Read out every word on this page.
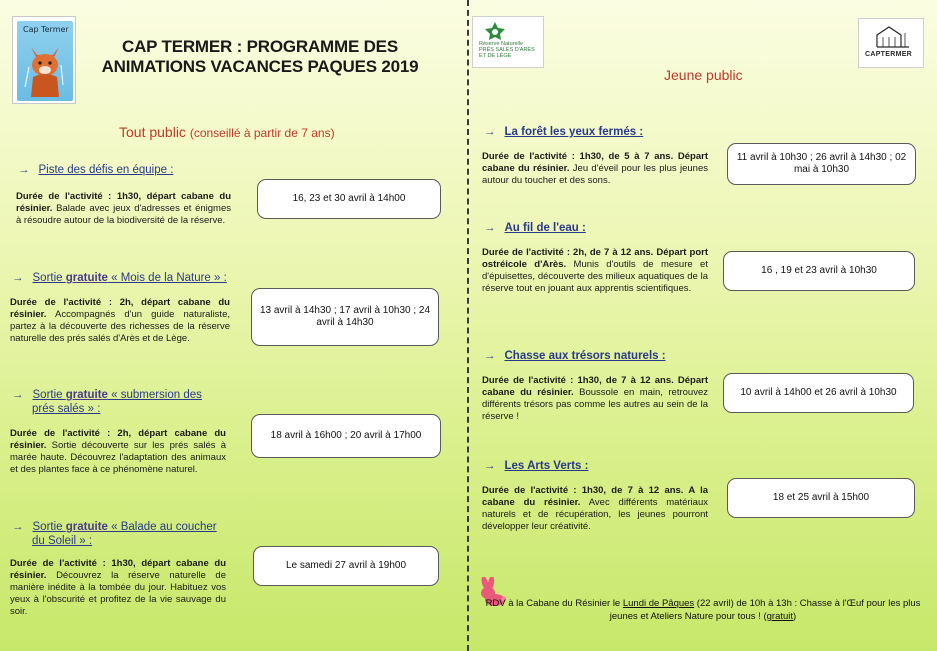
Cap Termer
Réserve Naturelle
PRÉS SALÉS D'ARÈS
ET DE LÈGE	CAPTERMER
CAP TERMER : PROGRAMME DES
ANIMATIONS VACANCES PAQUES 2019
Tout public (conseillé à partir de 7 ans)
Jeune public
→ Piste des défis en équipe :
Durée de l'activité : 1h30, départ cabane du résinier. Balade avec jeux d'adresses et énigmes à résoudre autour de la biodiversité de la réserve.
16, 23 et 30 avril à 14h00
→ Sortie gratuite « Mois de la Nature » :
Durée de l'activité : 2h, départ cabane du résinier. Accompagnés d'un guide naturaliste, partez à la découverte des richesses de la réserve naturelle des prés salés d'Arès et de Lège.
13 avril à 14h30 ; 17 avril à 10h30 ; 24 avril à 14h30
→ Sortie gratuite « submersion des
prés salés » :
Durée de l'activité : 2h, départ cabane du résinier. Sortie découverte sur les prés salés à marée haute. Découvrez l'adaptation des animaux et des plantes face à ce phénomène naturel.
18 avril à 16h00 ; 20 avril à 17h00
→ Sortie gratuite « Balade au coucher
du Soleil » :
Durée de l'activité : 1h30, départ cabane du résinier. Découvrez la réserve naturelle de manière inédite à la tombée du jour. Habituez vos yeux à l'obscurité et profitez de la vie sauvage du soir.
Le samedi 27 avril à 19h00
→ La forêt les yeux fermés :
Durée de l'activité : 1h30, de 5 à 7 ans. Départ cabane du résinier. Jeu d'éveil pour les plus jeunes autour du toucher et des sons.
11 avril à 10h30 ; 26 avril à 14h30 ; 02 mai à 10h30
→ Au fil de l'eau :
Durée de l'activité : 2h, de 7 à 12 ans. Départ port ostréicole d'Arès. Munis d'outils de mesure et d'épuisettes, découverte des milieux aquatiques de la réserve tout en jouant aux apprentis scientifiques.
16 , 19 et 23 avril à 10h30
→ Chasse aux trésors naturels :
Durée de l'activité : 1h30, de 7 à 12 ans. Départ cabane du résinier. Boussole en main, retrouvez différents trésors pas comme les autres au sein de la réserve !
10 avril à 14h00 et 26 avril à 10h30
→ Les Arts Verts :
Durée de l'activité : 1h30, de 7 à 12 ans. A la cabane du résinier. Avec différents matériaux naturels et de récupération, les jeunes pourront développer leur créativité.
18 et 25 avril à 15h00
RDV à la Cabane du Résinier le Lundi de Pâques (22 avril) de 10h à 13h : Chasse à l'Œuf pour les plus jeunes et Ateliers Nature pour tous ! (gratuit)
